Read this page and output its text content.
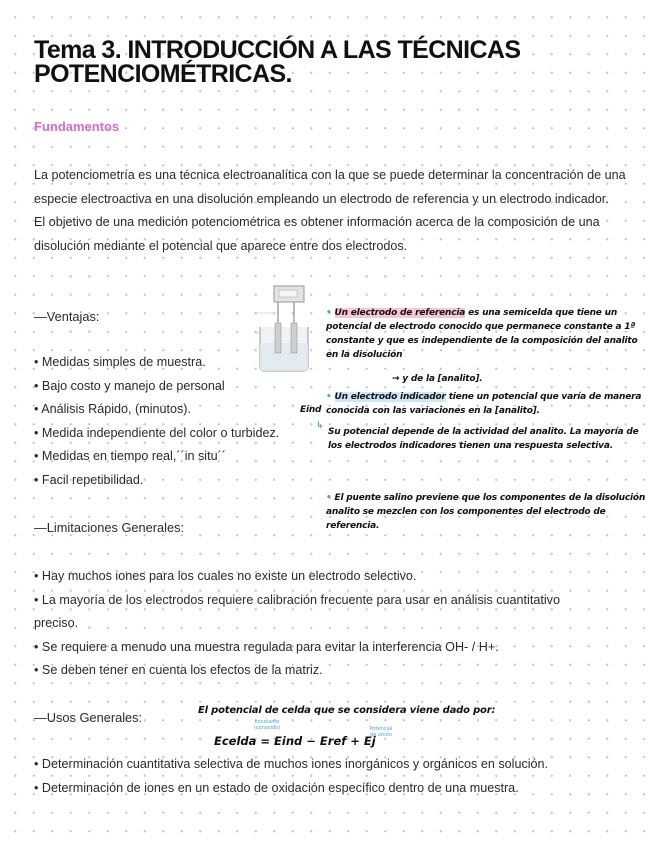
Tema 3. INTRODUCCIÓN A LAS TÉCNICAS POTENCIOMÉTRICAS.
Fundamentos
La potenciometría es una técnica electroanalítica con la que se puede determinar la concentración de una especie electroactiva en una disolución empleando un electrodo de referencia y un electrodo indicador.
El objetivo de una medición potenciométrica es obtener información acerca de la composición de una disolución mediante el potencial que aparece entre dos electrodos.
—Ventajas:
• Medidas simples de muestra.
• Bajo costo y manejo de personal
• Análisis Rápido, (minutos).
• Medida independiente del color o turbidez.
• Medidas en tiempo real,´´in situ´´
• Facil repetibilidad.
• Un electrodo de referencia es una semicelda que tiene un potencial de electrodo conocido que permanece constante a 1ª constante y que es independiente de la composición del analito en la disolución
→ y de la [analito].
• Un electrodo indicador tiene un potencial que varía de manera conocida con las variaciones en la [analito].
Eind
↳
Su potencial depende de la actividad del analito. La mayoría de los electrodos indicadores tienen una respuesta selectiva.
• El puente salino previene que los componentes de la disolución analito se mezclen con los componentes del electrodo de referencia.
—Limitaciones Generales:
• Hay muchos iones para los cuales no existe un electrodo selectivo.
• La mayoría de los electrodos requiere calibración frecuente para usar en análisis cuantitativo preciso.
• Se requiere a menudo una muestra regulada para evitar la interferencia OH- / H+.
• Se deben tener en cuenta los efectos de la matriz.
—Usos Generales:	El potencial de celda que se considera viene dado por:
constante (conocido)	Potencial de unión
Ecelda = Eind − Eref + Ej
• Determinación cuantitativa selectiva de muchos iones inorgánicos y orgánicos en solución.
• Determinación de iones en un estado de oxidación específico dentro de una muestra.
